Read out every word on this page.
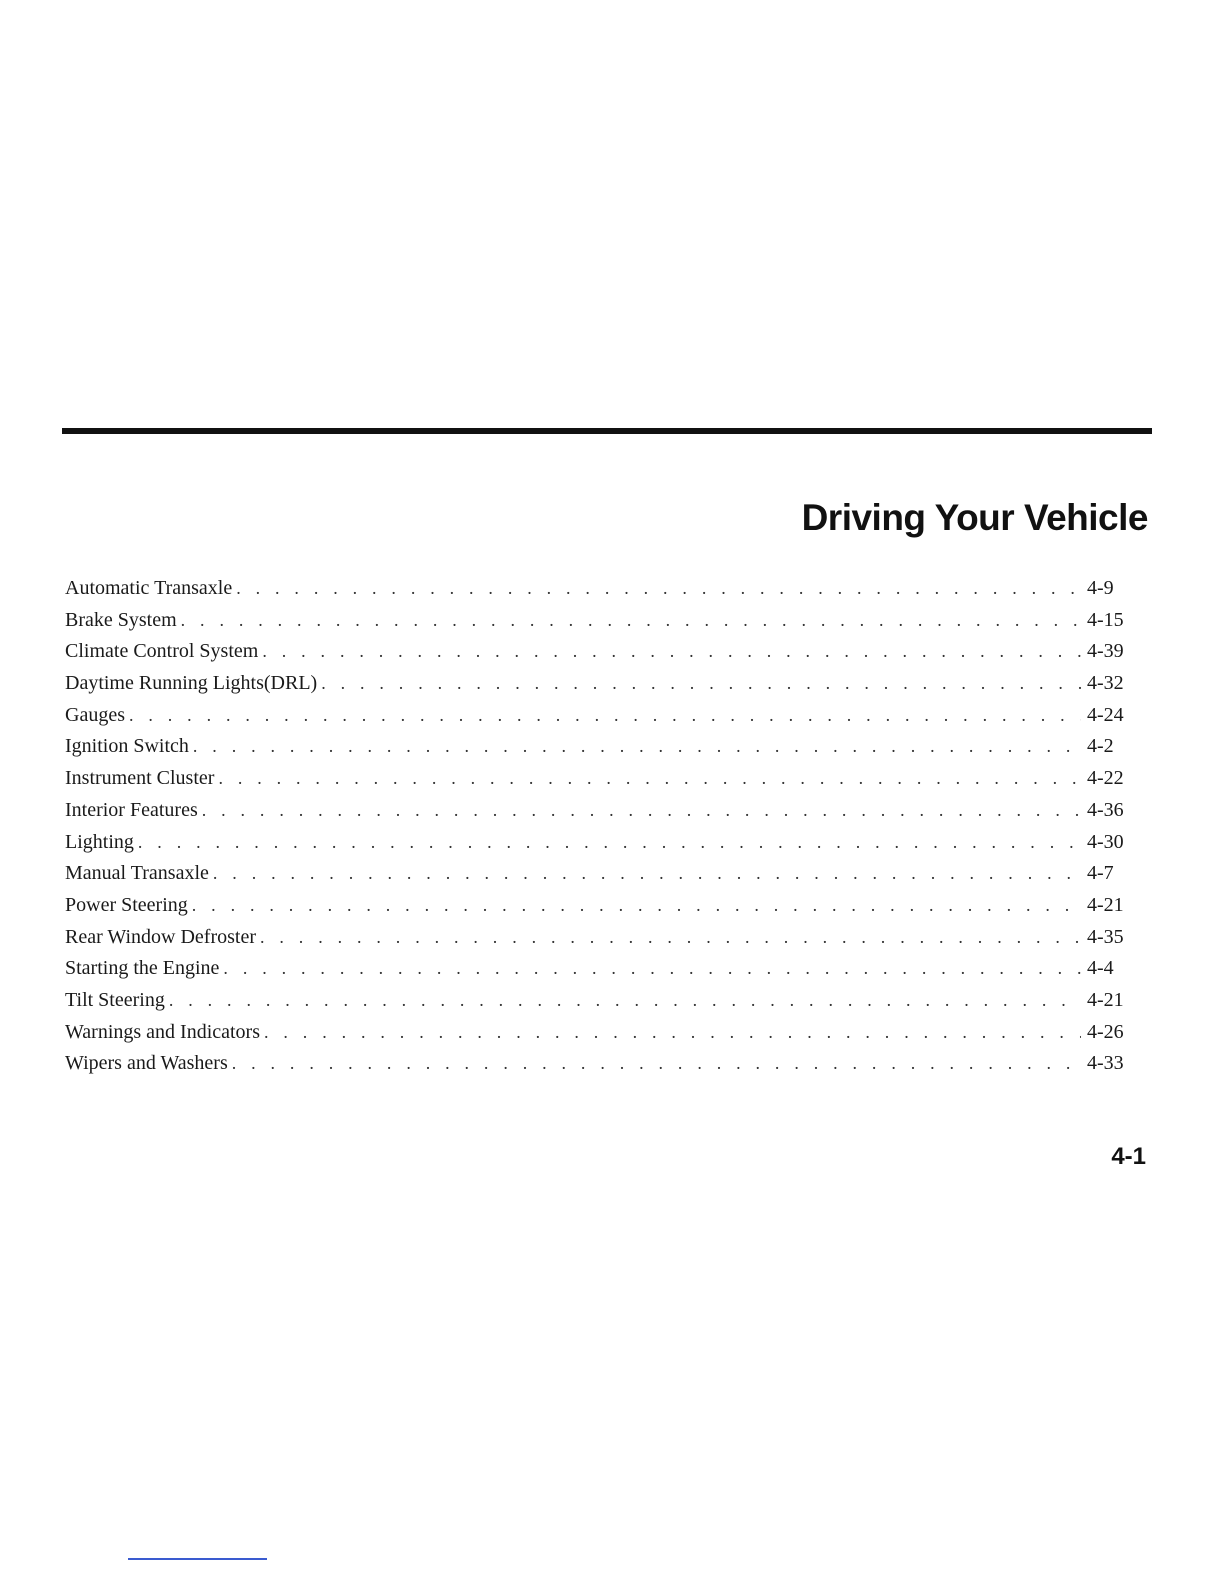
Driving Your Vehicle
Automatic Transaxle . . .	4-9
Brake System . . .	4-15
Climate Control System . . .	4-39
Daytime Running Lights(DRL) . . .	4-32
Gauges . . .	4-24
Ignition Switch . . .	4-2
Instrument Cluster . . .	4-22
Interior Features . . .	4-36
Lighting . . .	4-30
Manual Transaxle . . .	4-7
Power Steering . . .	4-21
Rear Window Defroster . . .	4-35
Starting the Engine . . .	4-4
Tilt Steering . . .	4-21
Warnings and Indicators . . .	4-26
Wipers and Washers . . .	4-33

4-1
